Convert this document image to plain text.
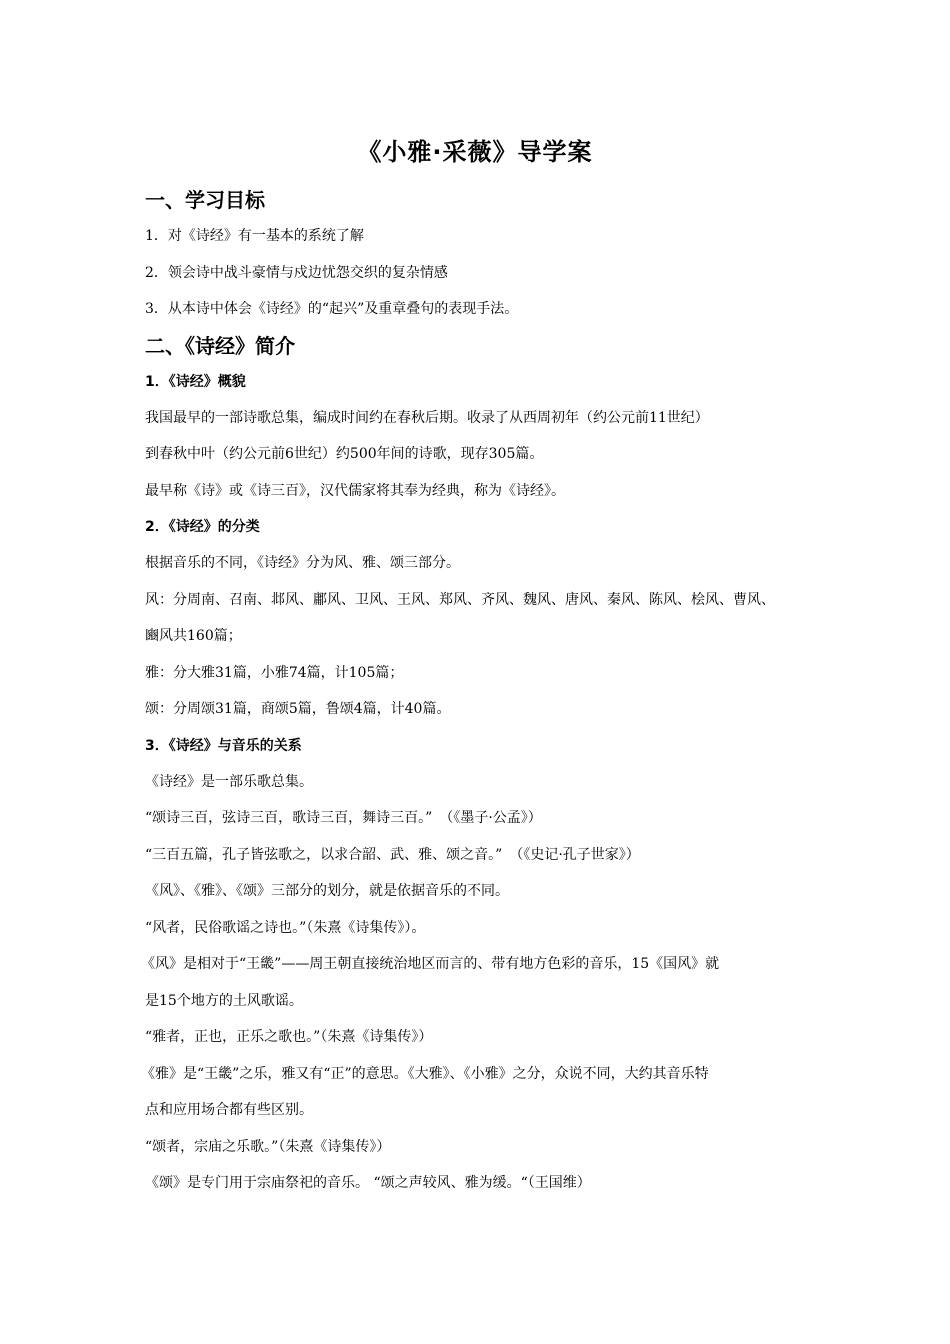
《小雅·采薇》导学案

一、学习目标

1．对《诗经》有一基本的系统了解

2．领会诗中战斗豪情与戍边忧怨交织的复杂情感

3．从本诗中体会《诗经》的“起兴”及重章叠句的表现手法。

二、《诗经》简介

1．《诗经》概貌

我国最早的一部诗歌总集，编成时间约在春秋后期。收录了从西周初年（约公元前11世纪）

到春秋中叶（约公元前6世纪）约500年间的诗歌，现存305篇。

最早称《诗》或《诗三百》，汉代儒家将其奉为经典，称为《诗经》。

2．《诗经》的分类

根据音乐的不同，《诗经》分为风、雅、颂三部分。

风：分周南、召南、邶风、鄘风、卫风、王风、郑风、齐风、魏风、唐风、秦风、陈风、桧风、曹风、

豳风共160篇；

雅：分大雅31篇，小雅74篇，计105篇；

颂：分周颂31篇，商颂5篇，鲁颂4篇，计40篇。

3．《诗经》与音乐的关系

《诗经》是一部乐歌总集。

“颂诗三百，弦诗三百，歌诗三百，舞诗三百。”　（《墨子·公孟》）

“三百五篇，孔子皆弦歌之，以求合韶、武、雅、颂之音。”　（《史记·孔子世家》）

《风》、《雅》、《颂》三部分的划分，就是依据音乐的不同。

“风者，民俗歌谣之诗也。”（朱熹《诗集传》）。

《风》是相对于“王畿”——周王朝直接统治地区而言的、带有地方色彩的音乐，15《国风》就

是15个地方的土风歌谣。

“雅者，正也，正乐之歌也。”（朱熹《诗集传》）

《雅》是“王畿”之乐，雅又有“正”的意思。《大雅》、《小雅》之分，众说不同，大约其音乐特

点和应用场合都有些区别。

“颂者，宗庙之乐歌。”（朱熹《诗集传》）

《颂》是专门用于宗庙祭祀的音乐。 “颂之声较风、雅为缓。“（王国维）
